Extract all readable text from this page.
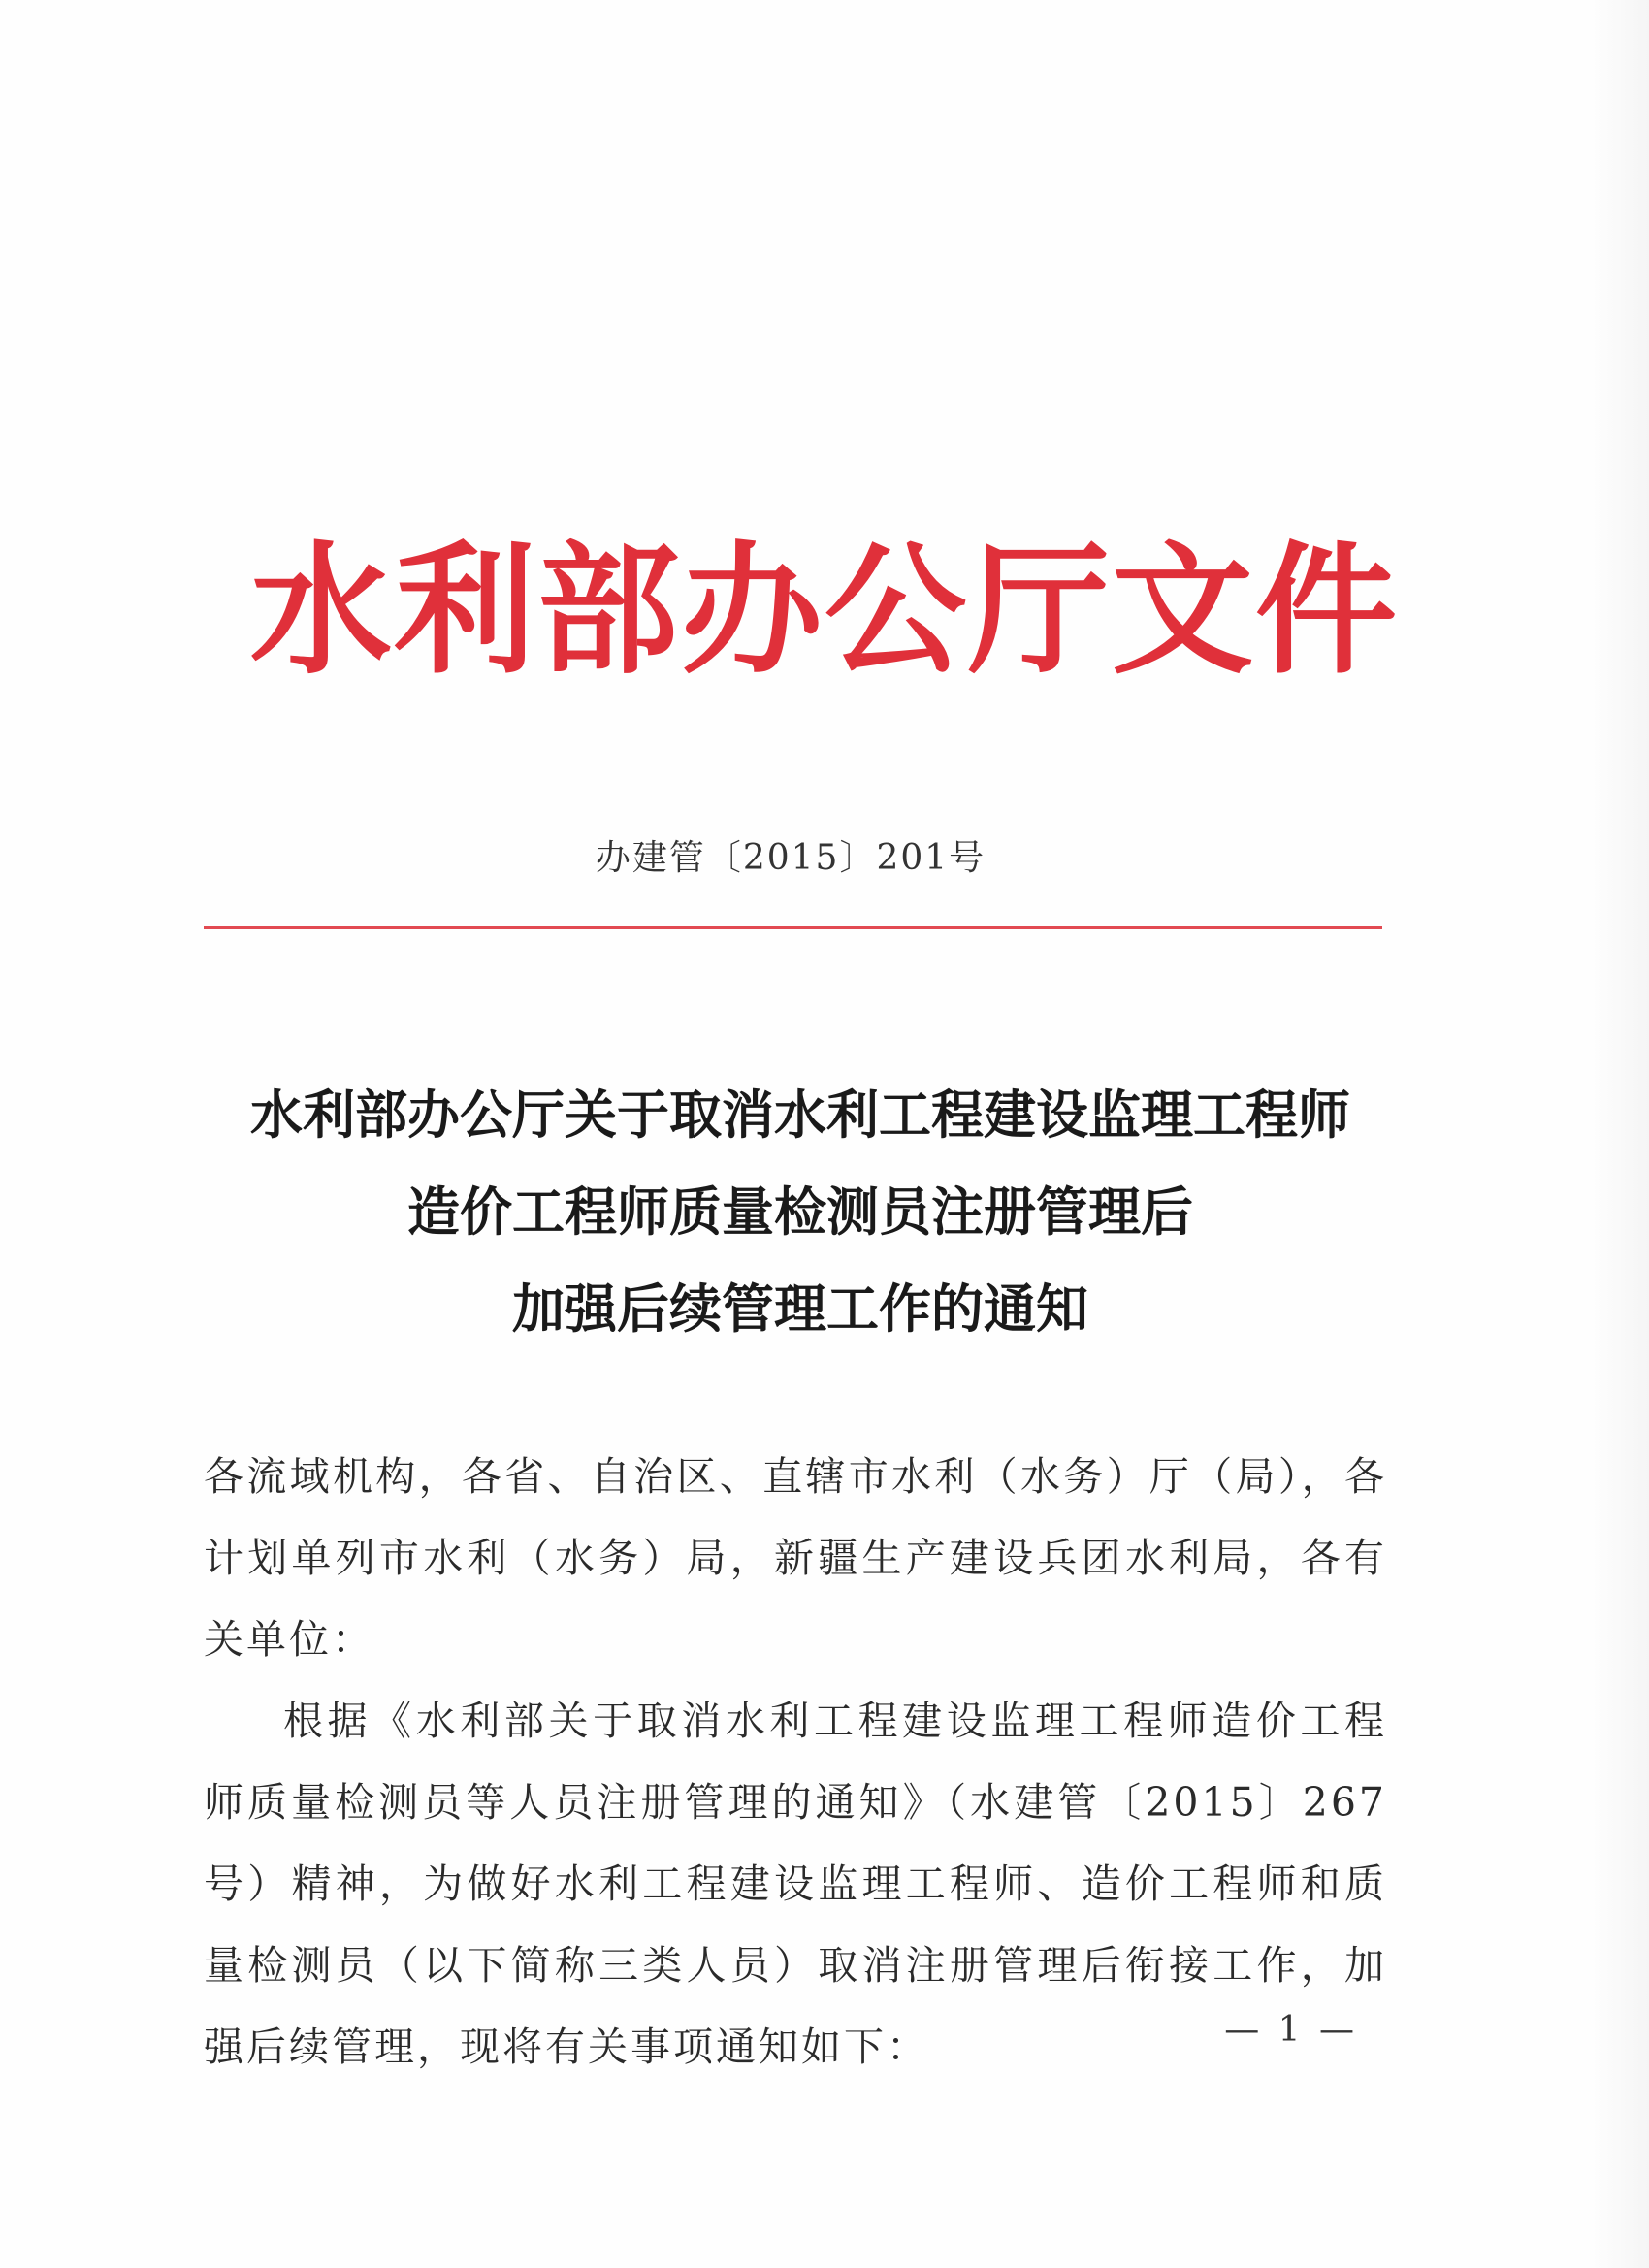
水利部办公厅文件
办建管〔2015〕201号
水利部办公厅关于取消水利工程建设监理工程师
造价工程师质量检测员注册管理后
加强后续管理工作的通知

各流域机构，各省、自治区、直辖市水利（水务）厅（局），各计划单列市水利（水务）局，新疆生产建设兵团水利局，各有关单位：

根据《水利部关于取消水利工程建设监理工程师造价工程师质量检测员等人员注册管理的通知》（水建管〔2015〕267号）精神，为做好水利工程建设监理工程师、造价工程师和质量检测员（以下简称三类人员）取消注册管理后衔接工作，加强后续管理，现将有关事项通知如下：	— 1 —
